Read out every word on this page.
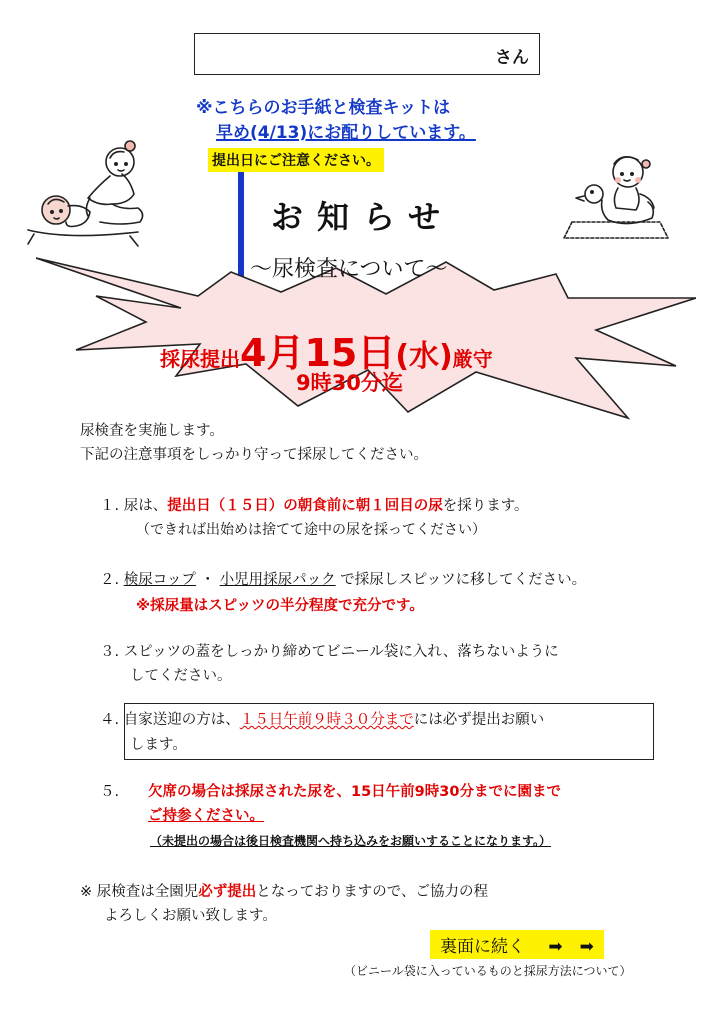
さん
※こちらのお手紙と検査キットは
早め(4/13)にお配りしています。
提出日にご注意ください。
お知らせ
～尿検査について～
採尿提出4月15日(水)厳守
9時30分迄
尿検査を実施します。
下記の注意事項をしっかり守って採尿してください。
１. 尿は、提出日（１５日）の朝食前に朝１回目の尿を採ります。
（できれば出始めは捨てて途中の尿を採ってください）
２. 検尿コップ ・ 小児用採尿パック で採尿しスピッツに移してください。
※採尿量はスピッツの半分程度で充分です。
３. スピッツの蓋をしっかり締めてビニール袋に入れ、落ちないように
してください。
４. 自家送迎の方は、１５日午前９時３０分までには必ず提出お願い
します。
５. 欠席の場合は採尿された尿を、15日午前9時30分までに園まで
ご持参ください。
（未提出の場合は後日検査機関へ持ち込みをお願いすることになります。）
※ 尿検査は全園児必ず提出となっておりますので、ご協力の程
よろしくお願い致します。
裏面に続く ➡　➡
（ビニール袋に入っているものと採尿方法について）
